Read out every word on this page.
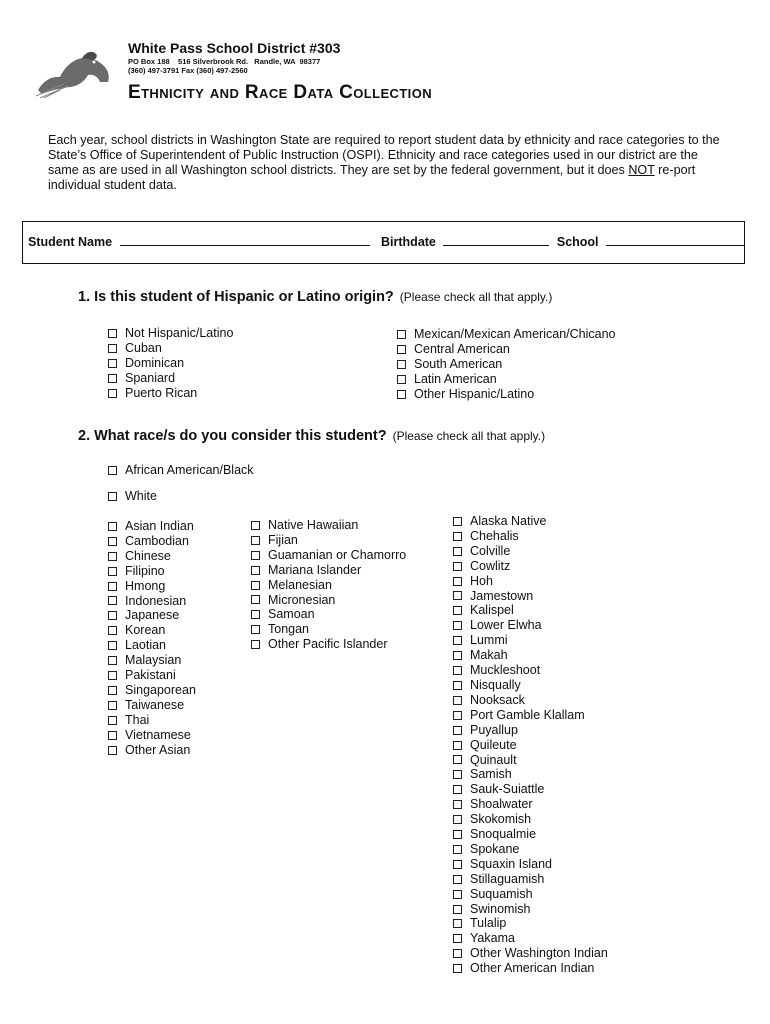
White Pass School District #303
PO Box 188    516 Silverbrook Rd.   Randle, WA  98377
(360) 497-3791 Fax (360) 497-2560
Ethnicity and Race Data Collection
Each year, school districts in Washington State are required to report student data by ethnicity and race categories to the State’s Office of Superintendent of Public Instruction (OSPI). Ethnicity and race categories used in our district are the same as are used in all Washington school districts. They are set by the federal government, but it does NOT re-port individual student data.
Student Name	Birthdate	School
1. Is this student of Hispanic or Latino origin? (Please check all that apply.)
Not Hispanic/Latino
Cuban
Dominican
Spaniard
Puerto Rican
Mexican/Mexican American/Chicano
Central American
South American
Latin American
Other Hispanic/Latino
2. What race/s do you consider this student? (Please check all that apply.)
African American/Black
White
Asian Indian
Cambodian
Chinese
Filipino
Hmong
Indonesian
Japanese
Korean
Laotian
Malaysian
Pakistani
Singaporean
Taiwanese
Thai
Vietnamese
Other Asian
Native Hawaiian
Fijian
Guamanian or Chamorro
Mariana Islander
Melanesian
Micronesian
Samoan
Tongan
Other Pacific Islander
Alaska Native
Chehalis
Colville
Cowlitz
Hoh
Jamestown
Kalispel
Lower Elwha
Lummi
Makah
Muckleshoot
Nisqually
Nooksack
Port Gamble Klallam
Puyallup
Quileute
Quinault
Samish
Sauk-Suiattle
Shoalwater
Skokomish
Snoqualmie
Spokane
Squaxin Island
Stillaguamish
Suquamish
Swinomish
Tulalip
Yakama
Other Washington Indian
Other American Indian
